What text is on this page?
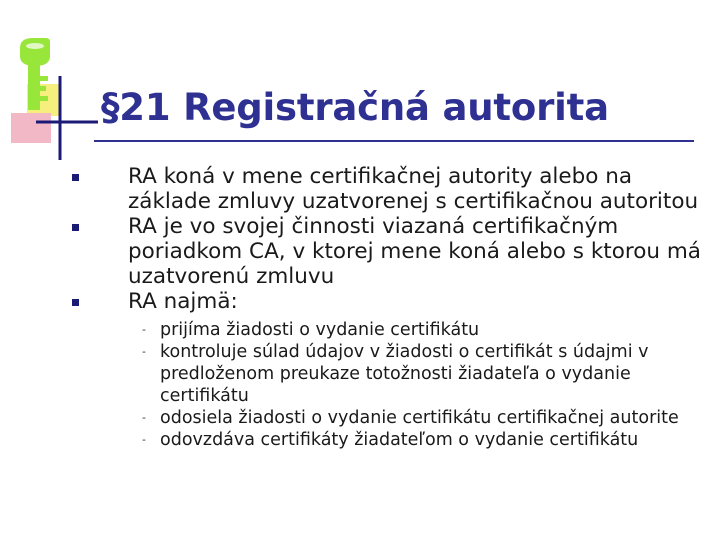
§21 Registračná autorita
RA koná v mene certifikačnej autority alebo na základe zmluvy uzatvorenej s certifikačnou autoritou
RA je vo svojej činnosti viazaná certifikačným poriadkom CA, v ktorej mene koná alebo s ktorou má uzatvorenú zmluvu
RA najmä:
- prijíma žiadosti o vydanie certifikátu
- kontroluje súlad údajov v žiadosti o certifikát s údajmi v predloženom preukaze totožnosti žiadateľa o vydanie certifikátu
- odosiela žiadosti o vydanie certifikátu certifikačnej autorite
- odovzdáva certifikáty žiadateľom o vydanie certifikátu
